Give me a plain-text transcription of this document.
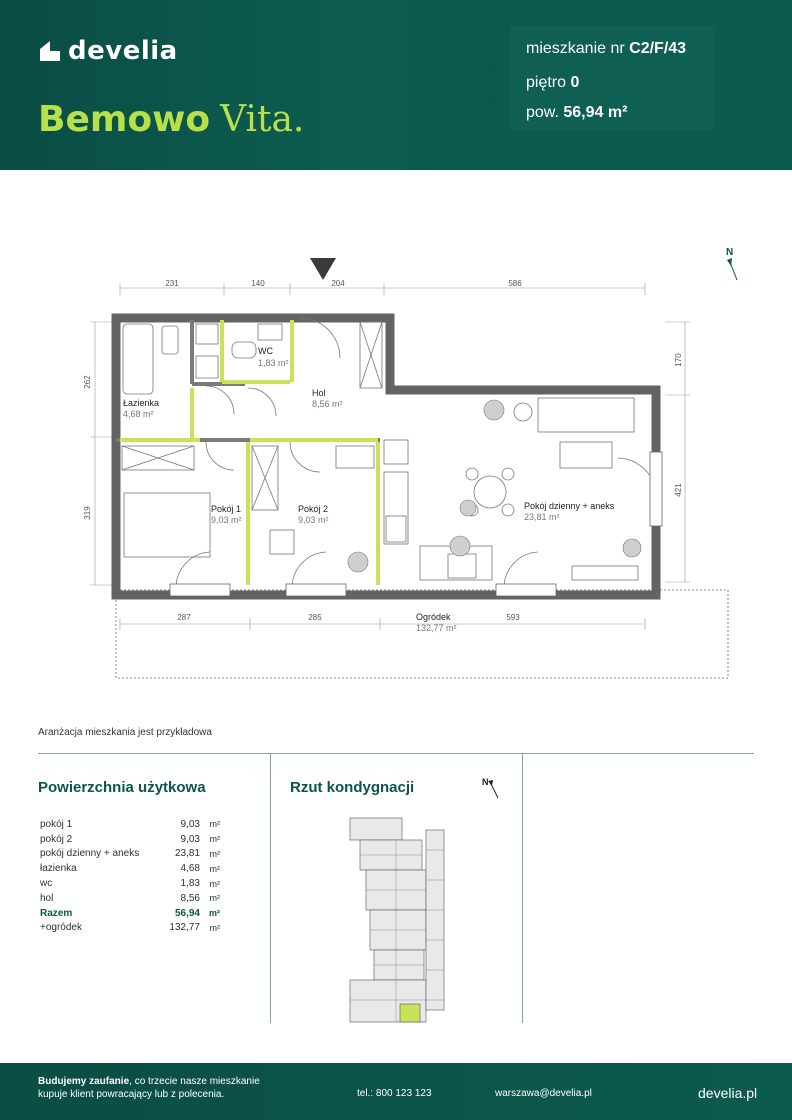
develia
Bemowo Vita.
mieszkanie nr C2/F/43
piętro 0
pow. 56,94 m²
231	140	204	586
287	285	593
262
319
170
421
N
WC
1,83 m²
Hol
8,56 m²
Łazienka
4,68 m²
Pokój 1
9,03 m²
Pokój 2
9,03 m²
Pokój dzienny + aneks
23,81 m²
Ogródek
132,77 m²
Aranżacja mieszkania jest przykładowa
Powierzchnia użytkowa
pokój 1	9,03	m²
pokój 2	9,03	m²
pokój dzienny + aneks	23,81	m²
łazienka	4,68	m²
wc	1,83	m²
hol	8,56	m²
Razem	56,94	m²
+ogródek	132,77	m²
Rzut kondygnacji	N
Budujemy zaufanie, co trzecie nasze mieszkanie kupuje klient powracający lub z polecenia.	tel.: 800 123 123	warszawa@develia.pl	develia.pl
